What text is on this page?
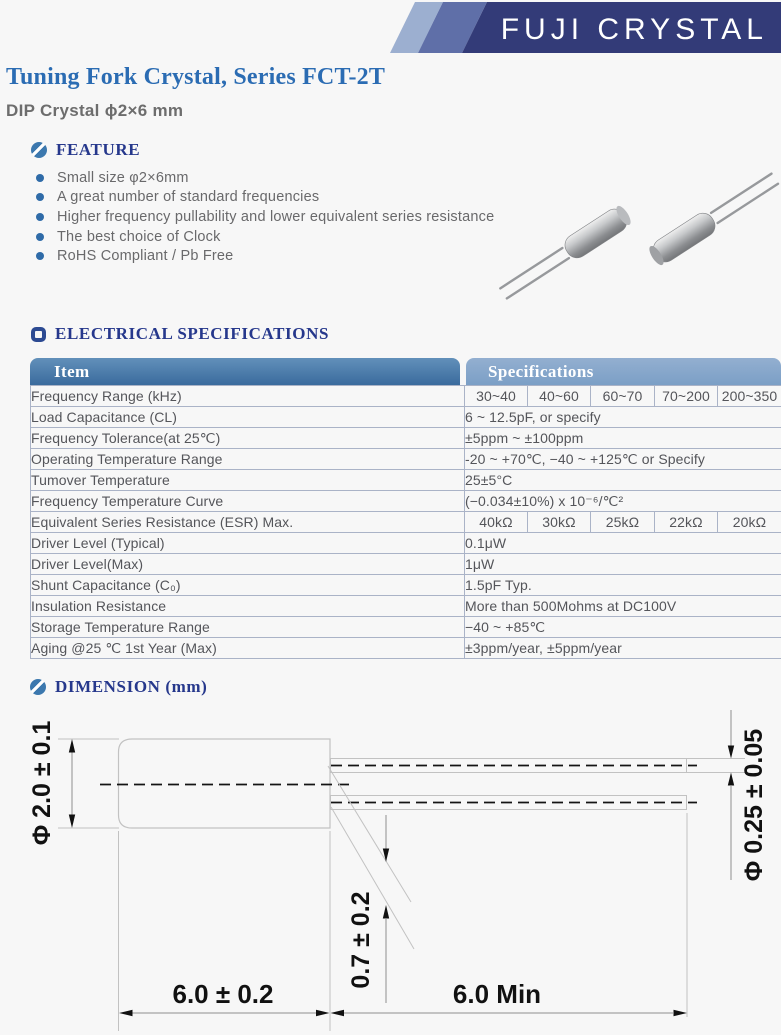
FUJI CRYSTAL
Tuning Fork Crystal, Series FCT-2T
DIP Crystal ϕ2×6 mm
FEATURE
Small size φ2×6mm
A great number of standard frequencies
Higher frequency pullability and lower equivalent series resistance
The best choice of Clock
RoHS Compliant / Pb Free
ELECTRICAL SPECIFICATIONS
Item	Specifications
Frequency Range (kHz)	30~40	40~60	60~70	70~200	200~350
Load Capacitance (CL)	6 ~ 12.5pF, or specify				
Frequency Tolerance(at 25℃)	±5ppm ~ ±100ppm				
Operating Temperature Range	-20 ~ +70℃, −40 ~ +125℃ or Specify				
Tumover Temperature	25±5°C				
Frequency Temperature Curve	(−0.034±10%) x 10⁻⁶/℃²				
Equivalent Series Resistance (ESR) Max.	40kΩ	30kΩ	25kΩ	22kΩ	20kΩ
Driver Level (Typical)	0.1μW				
Driver Level(Max)	1μW				
Shunt Capacitance (C₀)	1.5pF Typ.				
Insulation Resistance	More than 500Mohms at DC100V				
Storage Temperature Range	−40 ~ +85℃				
Aging @25 ℃ 1st Year (Max)	±3ppm/year, ±5ppm/year				
DIMENSION (mm)
Φ 2.0 ± 0.1	Φ 0.25 ± 0.05
0.7 ± 0.2
6.0 ± 0.2	6.0 Min
